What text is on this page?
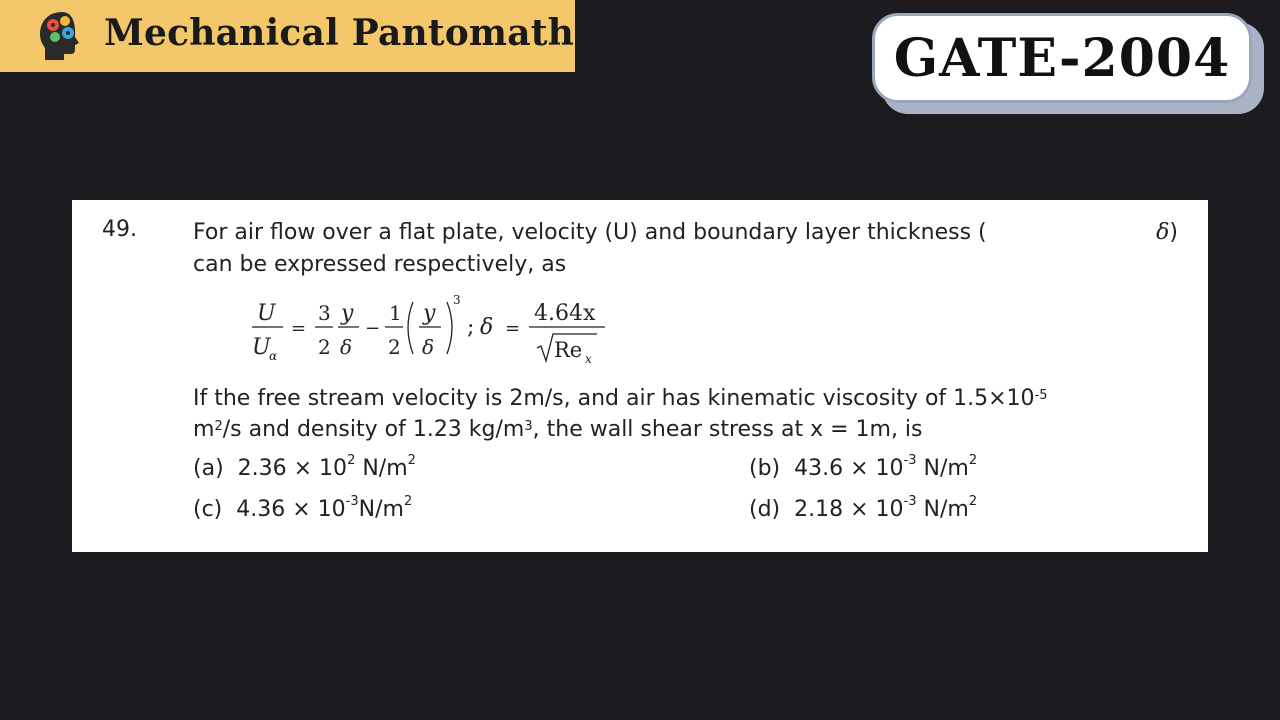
Mechanical Pantomath	GATE-2004
49.	For air flow over a flat plate, velocity (U) and boundary layer thickness (	δ)
can be expressed respectively, as
U
U
α
=
3
2
y
δ
−
1
2
y
δ
3
; δ =
4.64x
Re x
If the free stream velocity is 2m/s, and air has kinematic viscosity of $1.5\times 10^{-5}$
$m^2/s$ and density of 1.23 $kg/m^3$, the wall shear stress at x = 1m, is
(a) $2.36 \times 10^2$ $N/m^2$	(b) $43.6 \times 10^{-3}$ $N/m^2$
(c) $4.36 \times 10^{-3}N/m^2$	(d) $2.18 \times 10^{-3}$ $N/m^2$
